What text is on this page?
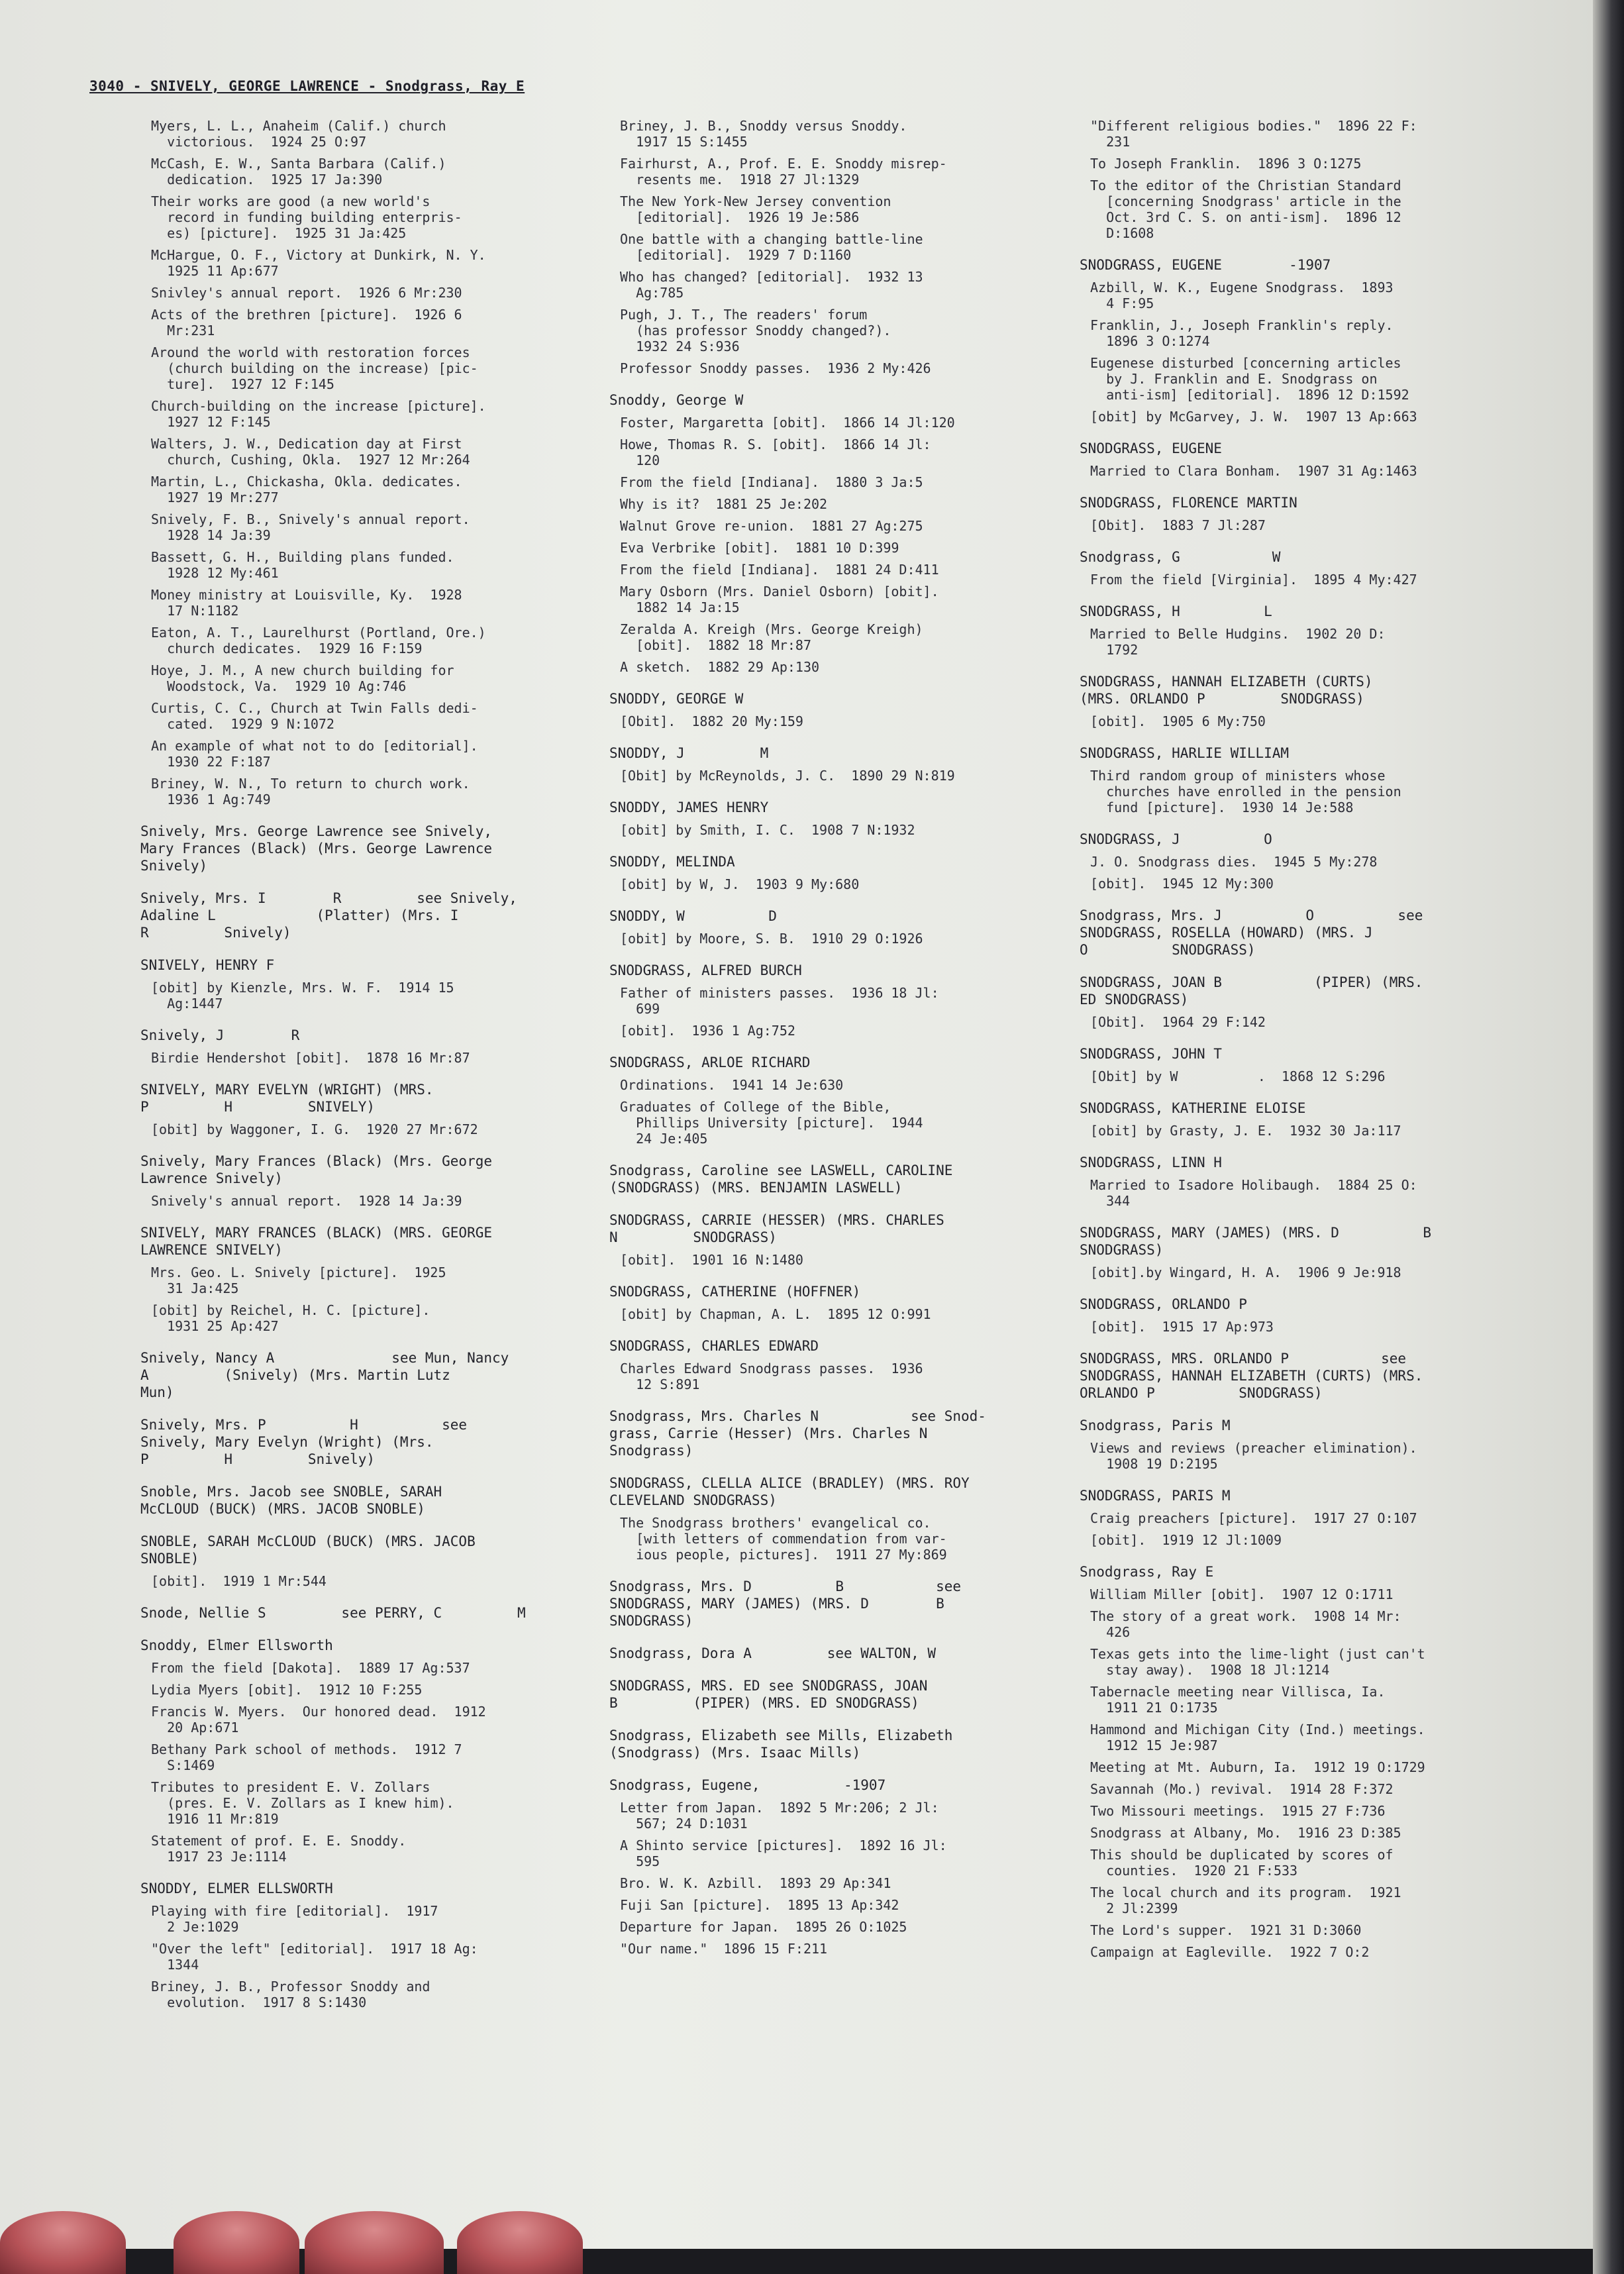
3040 - SNIVELY, GEORGE LAWRENCE - Snodgrass, Ray E
Myers, L. L., Anaheim (Calif.) church
victorious.  1924 25 O:97
McCash, E. W., Santa Barbara (Calif.)
dedication.  1925 17 Ja:390
Their works are good (a new world's
record in funding building enterpris-
es) [picture].  1925 31 Ja:425
McHargue, O. F., Victory at Dunkirk, N. Y.
1925 11 Ap:677
Snivley's annual report.  1926 6 Mr:230
Acts of the brethren [picture].  1926 6
Mr:231
Around the world with restoration forces
(church building on the increase) [pic-
ture].  1927 12 F:145
Church-building on the increase [picture].
1927 12 F:145
Walters, J. W., Dedication day at First
church, Cushing, Okla.  1927 12 Mr:264
Martin, L., Chickasha, Okla. dedicates.
1927 19 Mr:277
Snively, F. B., Snively's annual report.
1928 14 Ja:39
Bassett, G. H., Building plans funded.
1928 12 My:461
Money ministry at Louisville, Ky.  1928
17 N:1182
Eaton, A. T., Laurelhurst (Portland, Ore.)
church dedicates.  1929 16 F:159
Hoye, J. M., A new church building for
Woodstock, Va.  1929 10 Ag:746
Curtis, C. C., Church at Twin Falls dedi-
cated.  1929 9 N:1072
An example of what not to do [editorial].
1930 22 F:187
Briney, W. N., To return to church work.
1936 1 Ag:749
Snively, Mrs. George Lawrence see Snively,
Mary Frances (Black) (Mrs. George Lawrence
Snively)
Snively, Mrs. I        R         see Snively,
Adaline L            (Platter) (Mrs. I
R         Snively)
SNIVELY, HENRY F
[obit] by Kienzle, Mrs. W. F.  1914 15
Ag:1447
Snively, J        R
Birdie Hendershot [obit].  1878 16 Mr:87
SNIVELY, MARY EVELYN (WRIGHT) (MRS.
P         H         SNIVELY)
[obit] by Waggoner, I. G.  1920 27 Mr:672
Snively, Mary Frances (Black) (Mrs. George
Lawrence Snively)
Snively's annual report.  1928 14 Ja:39
SNIVELY, MARY FRANCES (BLACK) (MRS. GEORGE
LAWRENCE SNIVELY)
Mrs. Geo. L. Snively [picture].  1925
31 Ja:425
[obit] by Reichel, H. C. [picture].
1931 25 Ap:427
Snively, Nancy A              see Mun, Nancy
A         (Snively) (Mrs. Martin Lutz
Mun)
Snively, Mrs. P          H          see
Snively, Mary Evelyn (Wright) (Mrs.
P         H         Snively)
Snoble, Mrs. Jacob see SNOBLE, SARAH
McCLOUD (BUCK) (MRS. JACOB SNOBLE)
SNOBLE, SARAH McCLOUD (BUCK) (MRS. JACOB
SNOBLE)
[obit].  1919 1 Mr:544
Snode, Nellie S         see PERRY, C         M
Snoddy, Elmer Ellsworth
From the field [Dakota].  1889 17 Ag:537
Lydia Myers [obit].  1912 10 F:255
Francis W. Myers.  Our honored dead.  1912
20 Ap:671
Bethany Park school of methods.  1912 7
S:1469
Tributes to president E. V. Zollars
(pres. E. V. Zollars as I knew him).
1916 11 Mr:819
Statement of prof. E. E. Snoddy.
1917 23 Je:1114
SNODDY, ELMER ELLSWORTH
Playing with fire [editorial].  1917
2 Je:1029
"Over the left" [editorial].  1917 18 Ag:
1344
Briney, J. B., Professor Snoddy and
evolution.  1917 8 S:1430
Briney, J. B., Snoddy versus Snoddy.
1917 15 S:1455
Fairhurst, A., Prof. E. E. Snoddy misrep-
resents me.  1918 27 Jl:1329
The New York-New Jersey convention
[editorial].  1926 19 Je:586
One battle with a changing battle-line
[editorial].  1929 7 D:1160
Who has changed? [editorial].  1932 13
Ag:785
Pugh, J. T., The readers' forum
(has professor Snoddy changed?).
1932 24 S:936
Professor Snoddy passes.  1936 2 My:426
Snoddy, George W
Foster, Margaretta [obit].  1866 14 Jl:120
Howe, Thomas R. S. [obit].  1866 14 Jl:
120
From the field [Indiana].  1880 3 Ja:5
Why is it?  1881 25 Je:202
Walnut Grove re-union.  1881 27 Ag:275
Eva Verbrike [obit].  1881 10 D:399
From the field [Indiana].  1881 24 D:411
Mary Osborn (Mrs. Daniel Osborn) [obit].
1882 14 Ja:15
Zeralda A. Kreigh (Mrs. George Kreigh)
[obit].  1882 18 Mr:87
A sketch.  1882 29 Ap:130
SNODDY, GEORGE W
[Obit].  1882 20 My:159
SNODDY, J         M
[Obit] by McReynolds, J. C.  1890 29 N:819
SNODDY, JAMES HENRY
[obit] by Smith, I. C.  1908 7 N:1932
SNODDY, MELINDA
[obit] by W, J.  1903 9 My:680
SNODDY, W          D
[obit] by Moore, S. B.  1910 29 O:1926
SNODGRASS, ALFRED BURCH
Father of ministers passes.  1936 18 Jl:
699
[obit].  1936 1 Ag:752
SNODGRASS, ARLOE RICHARD
Ordinations.  1941 14 Je:630
Graduates of College of the Bible,
Phillips University [picture].  1944
24 Je:405
Snodgrass, Caroline see LASWELL, CAROLINE
(SNODGRASS) (MRS. BENJAMIN LASWELL)
SNODGRASS, CARRIE (HESSER) (MRS. CHARLES
N         SNODGRASS)
[obit].  1901 16 N:1480
SNODGRASS, CATHERINE (HOFFNER)
[obit] by Chapman, A. L.  1895 12 O:991
SNODGRASS, CHARLES EDWARD
Charles Edward Snodgrass passes.  1936
12 S:891
Snodgrass, Mrs. Charles N           see Snod-
grass, Carrie (Hesser) (Mrs. Charles N
Snodgrass)
SNODGRASS, CLELLA ALICE (BRADLEY) (MRS. ROY
CLEVELAND SNODGRASS)
The Snodgrass brothers' evangelical co.
[with letters of commendation from var-
ious people, pictures].  1911 27 My:869
Snodgrass, Mrs. D          B           see
SNODGRASS, MARY (JAMES) (MRS. D        B
SNODGRASS)
Snodgrass, Dora A         see WALTON, W
SNODGRASS, MRS. ED see SNODGRASS, JOAN
B         (PIPER) (MRS. ED SNODGRASS)
Snodgrass, Elizabeth see Mills, Elizabeth
(Snodgrass) (Mrs. Isaac Mills)
Snodgrass, Eugene,          -1907
Letter from Japan.  1892 5 Mr:206; 2 Jl:
567; 24 D:1031
A Shinto service [pictures].  1892 16 Jl:
595
Bro. W. K. Azbill.  1893 29 Ap:341
Fuji San [picture].  1895 13 Ap:342
Departure for Japan.  1895 26 O:1025
"Our name."  1896 15 F:211
"Different religious bodies."  1896 22 F:
231
To Joseph Franklin.  1896 3 O:1275
To the editor of the Christian Standard
[concerning Snodgrass' article in the
Oct. 3rd C. S. on anti-ism].  1896 12
D:1608
SNODGRASS, EUGENE        -1907
Azbill, W. K., Eugene Snodgrass.  1893
4 F:95
Franklin, J., Joseph Franklin's reply.
1896 3 O:1274
Eugenese disturbed [concerning articles
by J. Franklin and E. Snodgrass on
anti-ism] [editorial].  1896 12 D:1592
[obit] by McGarvey, J. W.  1907 13 Ap:663
SNODGRASS, EUGENE
Married to Clara Bonham.  1907 31 Ag:1463
SNODGRASS, FLORENCE MARTIN
[Obit].  1883 7 Jl:287
Snodgrass, G           W
From the field [Virginia].  1895 4 My:427
SNODGRASS, H          L
Married to Belle Hudgins.  1902 20 D:
1792
SNODGRASS, HANNAH ELIZABETH (CURTS)
(MRS. ORLANDO P         SNODGRASS)
[obit].  1905 6 My:750
SNODGRASS, HARLIE WILLIAM
Third random group of ministers whose
churches have enrolled in the pension
fund [picture].  1930 14 Je:588
SNODGRASS, J          O
J. O. Snodgrass dies.  1945 5 My:278
[obit].  1945 12 My:300
Snodgrass, Mrs. J          O          see
SNODGRASS, ROSELLA (HOWARD) (MRS. J
O          SNODGRASS)
SNODGRASS, JOAN B           (PIPER) (MRS.
ED SNODGRASS)
[Obit].  1964 29 F:142
SNODGRASS, JOHN T
[Obit] by W          .  1868 12 S:296
SNODGRASS, KATHERINE ELOISE
[obit] by Grasty, J. E.  1932 30 Ja:117
SNODGRASS, LINN H
Married to Isadore Holibaugh.  1884 25 O:
344
SNODGRASS, MARY (JAMES) (MRS. D          B
SNODGRASS)
[obit].by Wingard, H. A.  1906 9 Je:918
SNODGRASS, ORLANDO P
[obit].  1915 17 Ap:973
SNODGRASS, MRS. ORLANDO P           see
SNODGRASS, HANNAH ELIZABETH (CURTS) (MRS.
ORLANDO P          SNODGRASS)
Snodgrass, Paris M
Views and reviews (preacher elimination).
1908 19 D:2195
SNODGRASS, PARIS M
Craig preachers [picture].  1917 27 O:107
[obit].  1919 12 Jl:1009
Snodgrass, Ray E
William Miller [obit].  1907 12 O:1711
The story of a great work.  1908 14 Mr:
426
Texas gets into the lime-light (just can't
stay away).  1908 18 Jl:1214
Tabernacle meeting near Villisca, Ia.
1911 21 O:1735
Hammond and Michigan City (Ind.) meetings.
1912 15 Je:987
Meeting at Mt. Auburn, Ia.  1912 19 O:1729
Savannah (Mo.) revival.  1914 28 F:372
Two Missouri meetings.  1915 27 F:736
Snodgrass at Albany, Mo.  1916 23 D:385
This should be duplicated by scores of
counties.  1920 21 F:533
The local church and its program.  1921
2 Jl:2399
The Lord's supper.  1921 31 D:3060
Campaign at Eagleville.  1922 7 O:2
